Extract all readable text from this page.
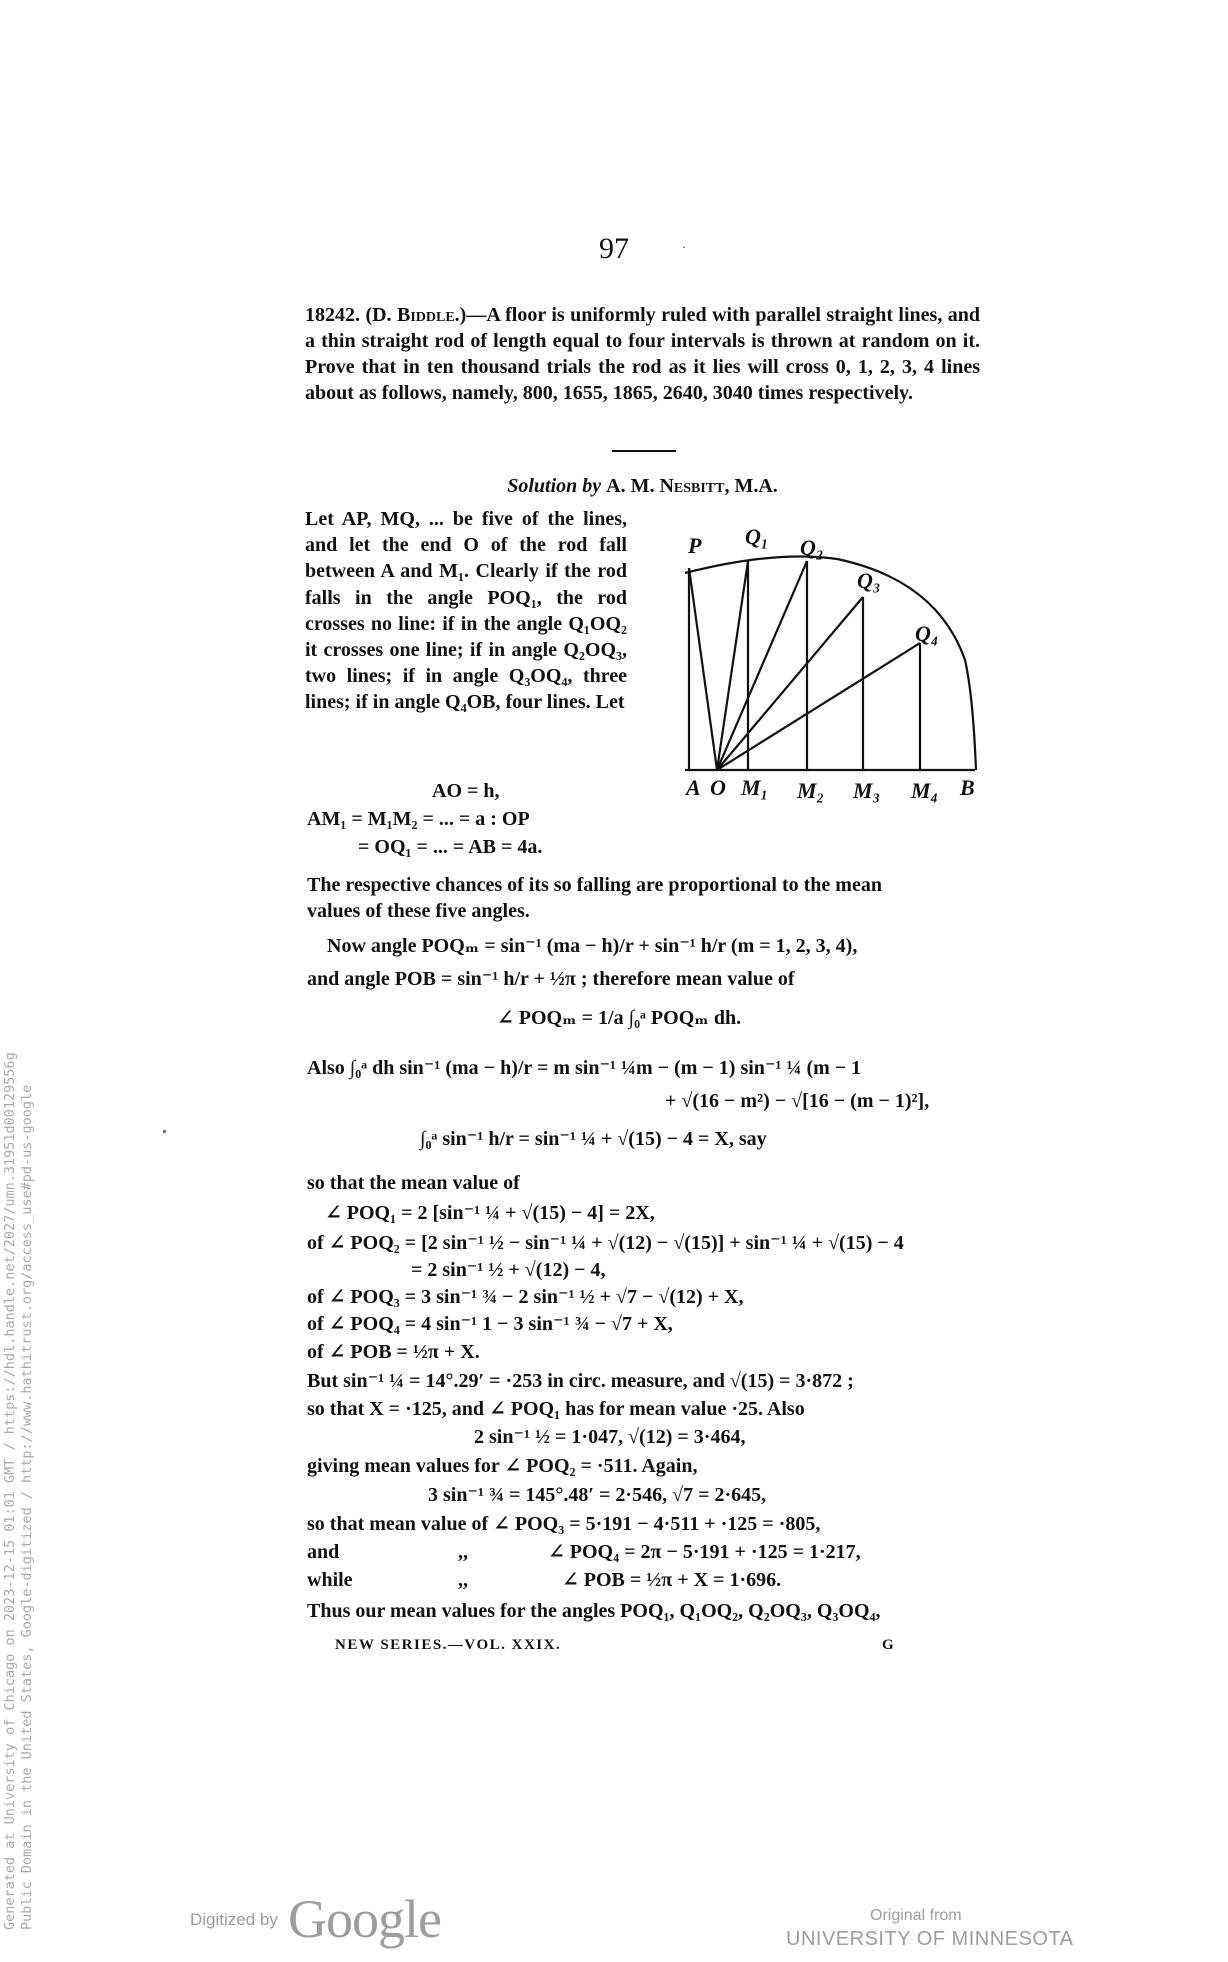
Generated at University of Chicago on 2023-12-15 01:01 GMT / https://hdl.handle.net/2027/umn.31951d00129556g Public Domain in the United States, Google-digitized / http://www.hathitrust.org/access_use#pd-us-google
97	·
18242. (D. Biddle.)—A floor is uniformly ruled with parallel straight lines, and a thin straight rod of length equal to four intervals is thrown at random on it. Prove that in ten thousand trials the rod as it lies will cross 0, 1, 2, 3, 4 lines about as follows, namely, 800, 1655, 1865, 2640, 3040 times respectively.
Solution by A. M. Nesbitt, M.A.
Let AP, MQ, ... be five of the lines, and let the end O of the rod fall between A and M₁. Clearly if the rod falls in the angle POQ₁, the rod crosses no line: if in the angle Q₁OQ₂ it crosses one line; if in angle Q₂OQ₃, two lines; if in angle Q₃OQ₄, three lines; if in angle Q₄OB, four lines. Let
AO = h,
AM₁ = M₁M₂ = ... = a : OP
= OQ₁ = ... = AB = 4a.
P Q₁ Q₂
Q₃
Q₄
A O M₁ M₂ M₃ M₄ B
The respective chances of its so falling are proportional to the mean
values of these five angles.
Now angle POQₘ = sin⁻¹ (ma − h)/r + sin⁻¹ h/r (m = 1, 2, 3, 4),
and angle POB = sin⁻¹ h/r + ½π ; therefore mean value of
∠ POQₘ = 1/a ∫₀ᵃ POQₘ dh.
Also ∫₀ᵃ dh sin⁻¹ (ma − h)/r = m sin⁻¹ ¼m − (m − 1) sin⁻¹ ¼ (m − 1
+ √(16 − m²) − √[16 − (m − 1)²],
∫₀ᵃ sin⁻¹ h/r = sin⁻¹ ¼ + √(15) − 4 = X, say
so that the mean value of
∠ POQ₁ = 2 [sin⁻¹ ¼ + √(15) − 4] = 2X,
of ∠ POQ₂ = [2 sin⁻¹ ½ − sin⁻¹ ¼ + √(12) − √(15)] + sin⁻¹ ¼ + √(15) − 4
= 2 sin⁻¹ ½ + √(12) − 4,
of ∠ POQ₃ = 3 sin⁻¹ ¾ − 2 sin⁻¹ ½ + √7 − √(12) + X,
of ∠ POQ₄ = 4 sin⁻¹ 1 − 3 sin⁻¹ ¾ − √7 + X,
of ∠ POB = ½π + X.
But sin⁻¹ ¼ = 14°.29′ = ·253 in circ. measure, and √(15) = 3·872 ;
so that X = ·125, and ∠ POQ₁ has for mean value ·25. Also
2 sin⁻¹ ½ = 1·047, √(12) = 3·464,
giving mean values for ∠ POQ₂ = ·511. Again,
3 sin⁻¹ ¾ = 145°.48′ = 2·546, √7 = 2·645,
so that mean value of ∠ POQ₃ = 5·191 − 4·511 + ·125 = ·805,
and	,,	∠ POQ₄ = 2π − 5·191 + ·125 = 1·217,
while	,,	∠ POB = ½π + X = 1·696.
Thus our mean values for the angles POQ₁, Q₁OQ₂, Q₂OQ₃, Q₃OQ₄,
NEW SERIES.—VOL. XXIX.	G
Digitized by Google	Original from
UNIVERSITY OF MINNESOTA
